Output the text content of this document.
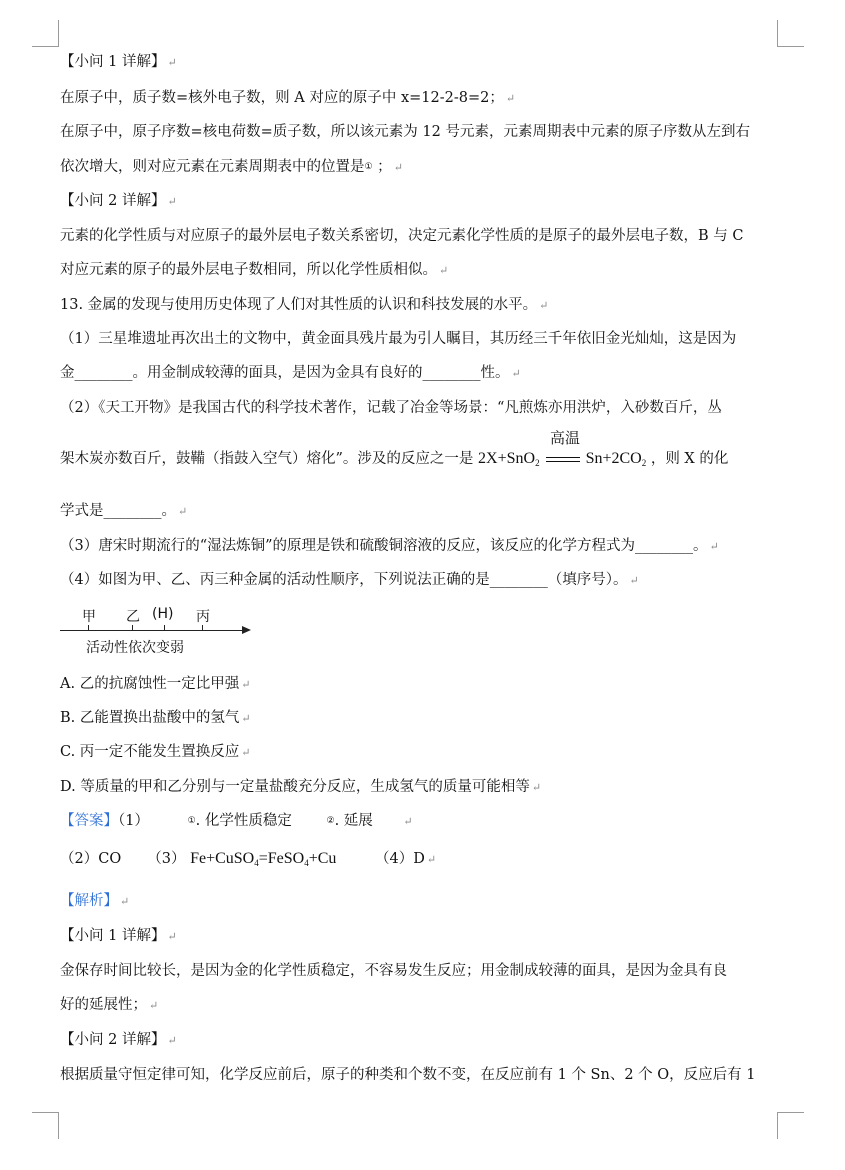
【小问 1 详解】 ↵
在原子中，质子数=核外电子数，则 A 对应的原子中 x=12-2-8=2； ↵
在原子中，原子序数=核电荷数=质子数，所以该元素为 12 号元素，元素周期表中元素的原子序数从左到右
依次增大，则对应元素在元素周期表中的位置是① ； ↵
【小问 2 详解】 ↵
元素的化学性质与对应原子的最外层电子数关系密切，决定元素化学性质的是原子的最外层电子数，B 与 C
对应元素的原子的最外层电子数相同，所以化学性质相似。 ↵
13. 金属的发现与使用历史体现了人们对其性质的认识和科技发展的水平。 ↵
（1）三星堆遗址再次出土的文物中，黄金面具残片最为引人瞩目，其历经三千年依旧金光灿灿，这是因为
金________。用金制成较薄的面具，是因为金具有良好的________性。 ↵
（2）《天工开物》是我国古代的科学技术著作，记载了冶金等场景：“凡煎炼亦用洪炉，入砂数百斤，丛
架木炭亦数百斤，鼓鞴（指鼓入空气）熔化”。涉及的反应之一是 2X+SnO$_2$
高温
$Sn+2CO_2$ ，则 X 的化
学式是________。 ↵
（3）唐宋时期流行的“湿法炼铜”的原理是铁和硫酸铜溶液的反应，该反应的化学方程式为________。 ↵
（4）如图为甲、乙、丙三种金属的活动性顺序，下列说法正确的是________（填序号）。 ↵
甲 乙 (H) 丙
活动性依次变弱
A. 乙的抗腐蚀性一定比甲强 ↵
B. 乙能置换出盐酸中的氢气 ↵
C. 丙一定不能发生置换反应 ↵
D. 等质量的甲和乙分别与一定量盐酸充分反应，生成氢气的质量可能相等 ↵
【答案】（1）	①. 化学性质稳定	②. 延展	↵
（2）CO （3） Fe+CuSO$_4$=FeSO$_4$+Cu	（4）D ↵
【解析】 ↵
【小问 1 详解】 ↵
金保存时间比较长，是因为金的化学性质稳定，不容易发生反应；用金制成较薄的面具，是因为金具有良
好的延展性； ↵
【小问 2 详解】 ↵
根据质量守恒定律可知，化学反应前后，原子的种类和个数不变，在反应前有 1 个 Sn、2 个 O，反应后有 1
